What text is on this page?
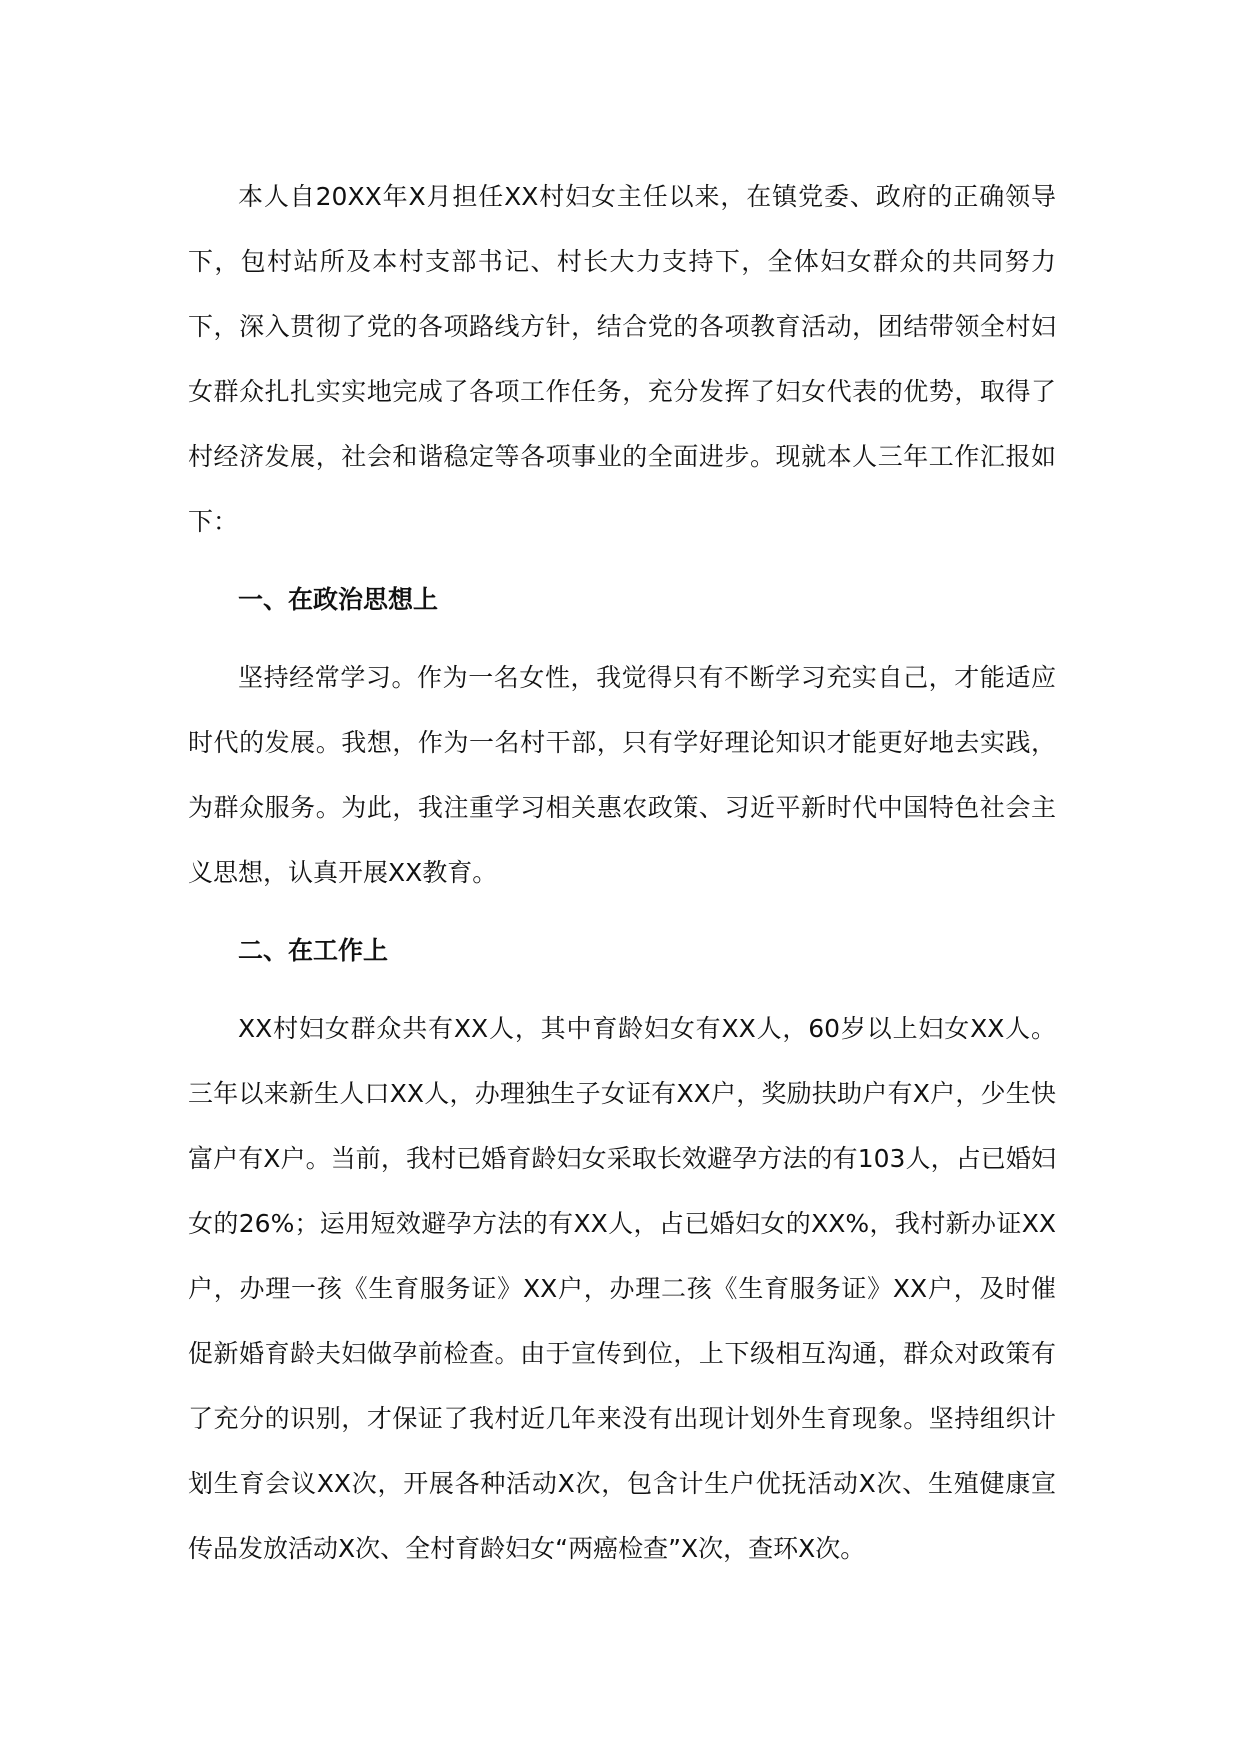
本人自20XX年X月担任XX村妇女主任以来，在镇党委、政府的正确领导下，包村站所及本村支部书记、村长大力支持下，全体妇女群众的共同努力下，深入贯彻了党的各项路线方针，结合党的各项教育活动，团结带领全村妇女群众扎扎实实地完成了各项工作任务，充分发挥了妇女代表的优势，取得了村经济发展，社会和谐稳定等各项事业的全面进步。现就本人三年工作汇报如下：

一、在政治思想上

坚持经常学习。作为一名女性，我觉得只有不断学习充实自己，才能适应时代的发展。我想，作为一名村干部，只有学好理论知识才能更好地去实践，为群众服务。为此，我注重学习相关惠农政策、习近平新时代中国特色社会主义思想，认真开展XX教育。

二、在工作上

XX村妇女群众共有XX人，其中育龄妇女有XX人，60岁以上妇女XX人。三年以来新生人口XX人，办理独生子女证有XX户，奖励扶助户有X户，少生快富户有X户。当前，我村已婚育龄妇女采取长效避孕方法的有103人，占已婚妇女的26%；运用短效避孕方法的有XX人，占已婚妇女的XX%，我村新办证XX户，办理一孩《生育服务证》XX户，办理二孩《生育服务证》XX户，及时催促新婚育龄夫妇做孕前检查。由于宣传到位，上下级相互沟通，群众对政策有了充分的识别，才保证了我村近几年来没有出现计划外生育现象。坚持组织计划生育会议XX次，开展各种活动X次，包含计生户优抚活动X次、生殖健康宣传品发放活动X次、全村育龄妇女“两癌检查”X次，查环X次。
